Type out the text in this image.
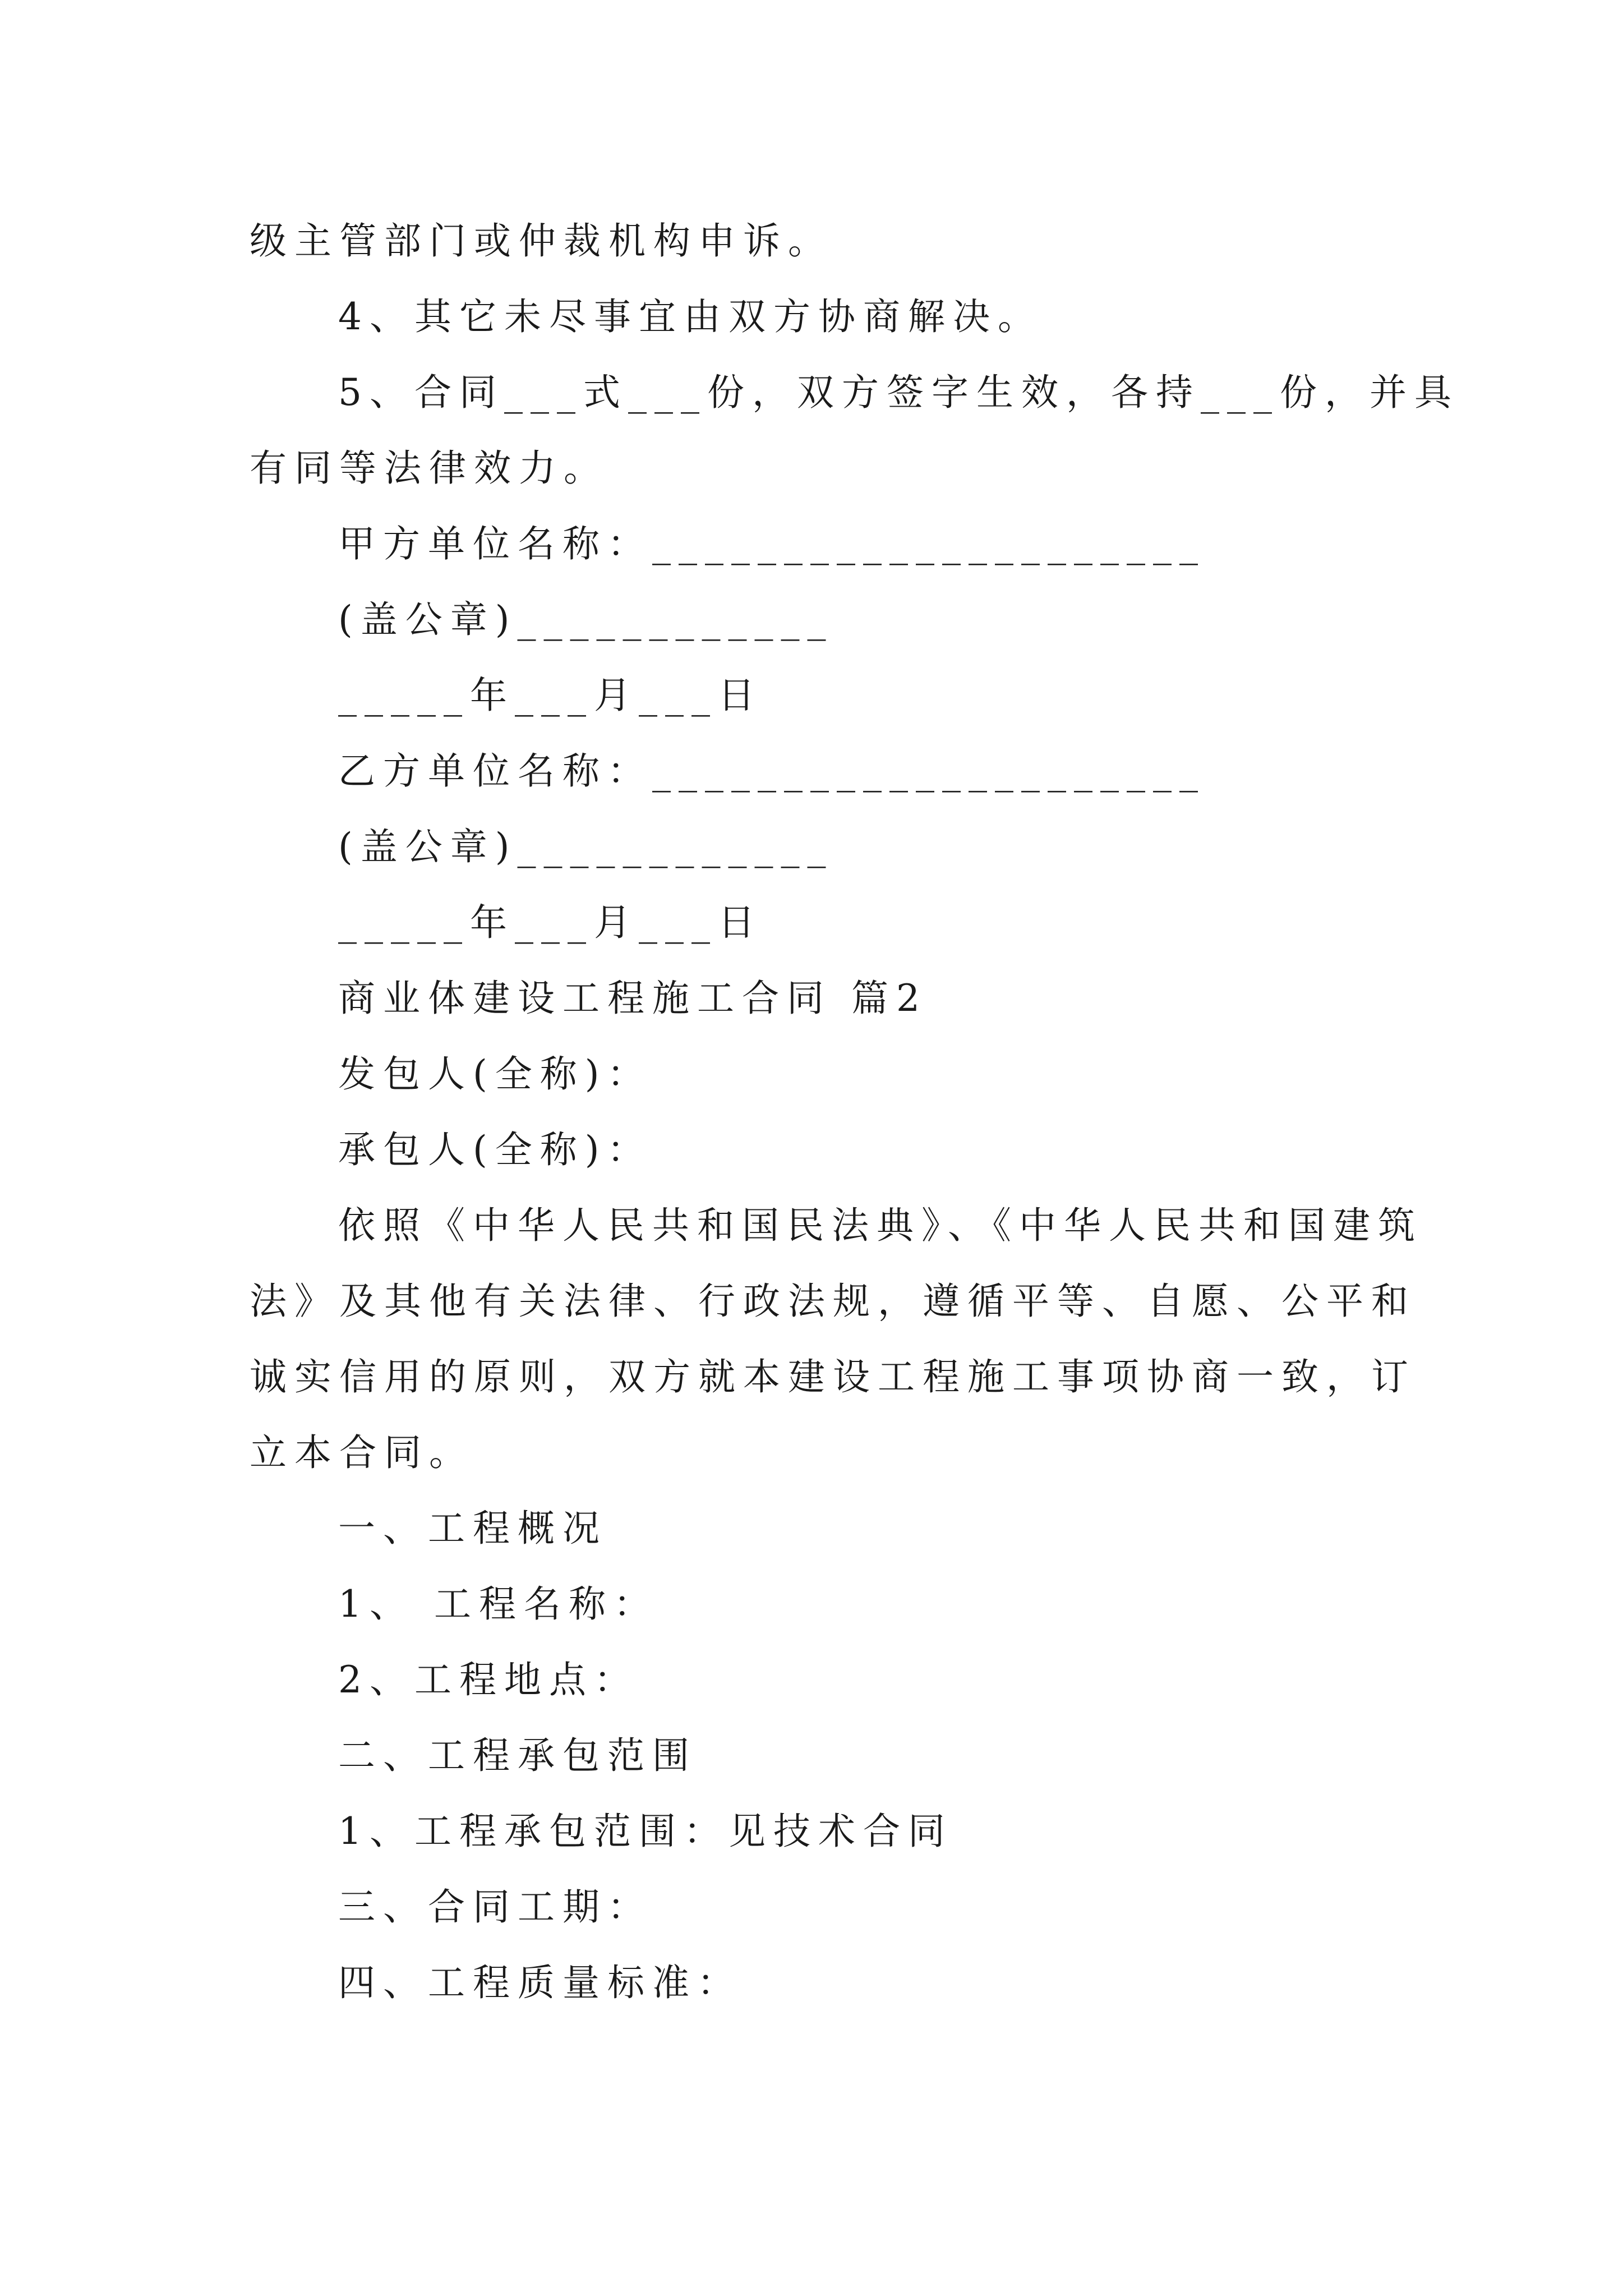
级主管部门或仲裁机构申诉。
4、其它未尽事宜由双方协商解决。
5、合同___式___份，双方签字生效，各持___份，并具
有同等法律效力。
甲方单位名称：_____________________
(盖公章)____________
_____年___月___日
乙方单位名称：_____________________
(盖公章)____________
_____年___月___日
商业体建设工程施工合同 篇2
发包人(全称)：
承包人(全称)：
依照《中华人民共和国民法典》、《中华人民共和国建筑
法》及其他有关法律、行政法规，遵循平等、自愿、公平和
诚实信用的原则，双方就本建设工程施工事项协商一致，订
立本合同。
一、工程概况
1、 工程名称：
2、工程地点：
二、工程承包范围
1、工程承包范围：见技术合同
三、合同工期：
四、工程质量标准：
